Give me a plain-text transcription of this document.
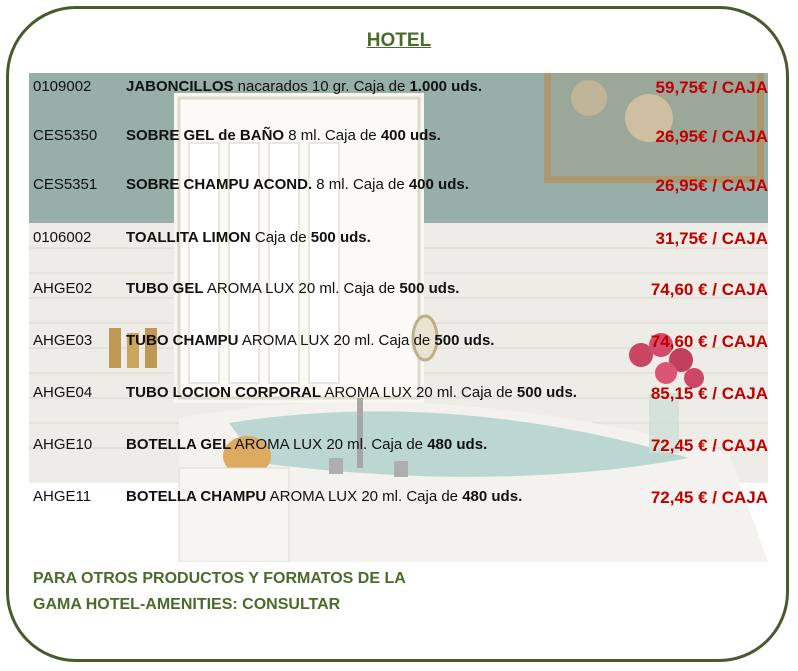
HOTEL
0109002 JABONCILLOS nacarados 10 gr. Caja de 1.000 uds.	59,75€ / CAJA
CES5350 SOBRE GEL de BAÑO 8 ml. Caja de 400 uds.	26,95€ / CAJA
CES5351 SOBRE CHAMPU ACOND. 8 ml. Caja de 400 uds.	26,95€ / CAJA
0106002 TOALLITA LIMON Caja de 500 uds.	31,75€ / CAJA
AHGE02 TUBO GEL AROMA LUX 20 ml. Caja de 500 uds.	74,60 € / CAJA
AHGE03 TUBO CHAMPU AROMA LUX 20 ml. Caja de 500 uds.	74,60 € / CAJA
AHGE04 TUBO LOCION CORPORAL AROMA LUX 20 ml. Caja de 500 uds.	85,15 € / CAJA
AHGE10 BOTELLA GEL AROMA LUX 20 ml. Caja de 480 uds.	72,45 € / CAJA
AHGE11 BOTELLA CHAMPU AROMA LUX 20 ml. Caja de 480 uds.	72,45 € / CAJA
PARA OTROS PRODUCTOS Y FORMATOS DE LA
GAMA HOTEL-AMENITIES: CONSULTAR
